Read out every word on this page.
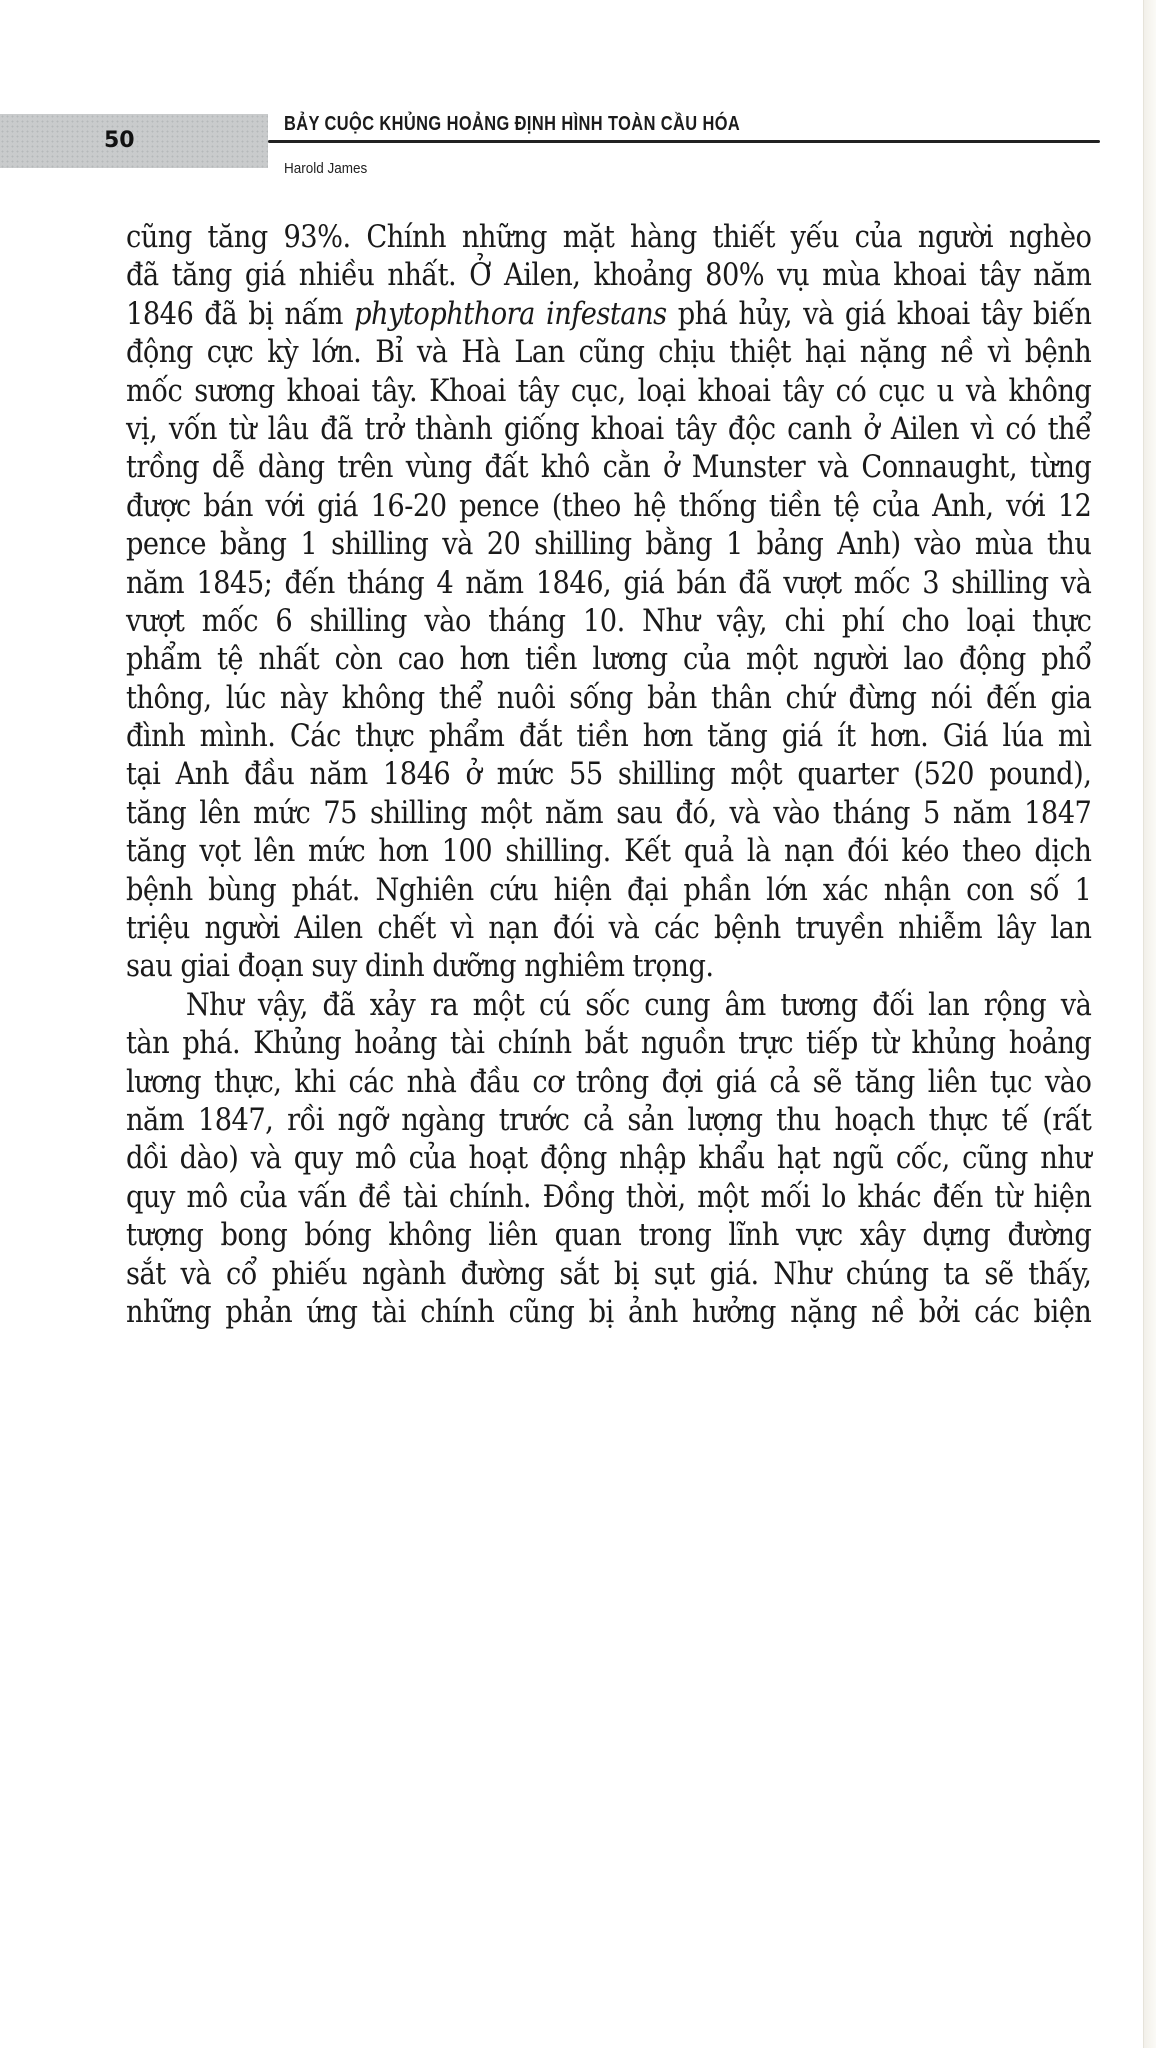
50
BẢY CUỘC KHỦNG HOẢNG ĐỊNH HÌNH TOÀN CẦU HÓA
Harold James
cũng tăng 93%. Chính những mặt hàng thiết yếu của người nghèo
đã tăng giá nhiều nhất. Ở Ailen, khoảng 80% vụ mùa khoai tây năm
1846 đã bị nấm phytophthora infestans phá hủy, và giá khoai tây biến
động cực kỳ lớn. Bỉ và Hà Lan cũng chịu thiệt hại nặng nề vì bệnh
mốc sương khoai tây. Khoai tây cục, loại khoai tây có cục u và không
vị, vốn từ lâu đã trở thành giống khoai tây độc canh ở Ailen vì có thể
trồng dễ dàng trên vùng đất khô cằn ở Munster và Connaught, từng
được bán với giá 16-20 pence (theo hệ thống tiền tệ của Anh, với 12
pence bằng 1 shilling và 20 shilling bằng 1 bảng Anh) vào mùa thu
năm 1845; đến tháng 4 năm 1846, giá bán đã vượt mốc 3 shilling và
vượt mốc 6 shilling vào tháng 10. Như vậy, chi phí cho loại thực
phẩm tệ nhất còn cao hơn tiền lương của một người lao động phổ
thông, lúc này không thể nuôi sống bản thân chứ đừng nói đến gia
đình mình. Các thực phẩm đắt tiền hơn tăng giá ít hơn. Giá lúa mì
tại Anh đầu năm 1846 ở mức 55 shilling một quarter (520 pound),
tăng lên mức 75 shilling một năm sau đó, và vào tháng 5 năm 1847
tăng vọt lên mức hơn 100 shilling. Kết quả là nạn đói kéo theo dịch
bệnh bùng phát. Nghiên cứu hiện đại phần lớn xác nhận con số 1
triệu người Ailen chết vì nạn đói và các bệnh truyền nhiễm lây lan
sau giai đoạn suy dinh dưỡng nghiêm trọng.
Như vậy, đã xảy ra một cú sốc cung âm tương đối lan rộng và
tàn phá. Khủng hoảng tài chính bắt nguồn trực tiếp từ khủng hoảng
lương thực, khi các nhà đầu cơ trông đợi giá cả sẽ tăng liên tục vào
năm 1847, rồi ngỡ ngàng trước cả sản lượng thu hoạch thực tế (rất
dồi dào) và quy mô của hoạt động nhập khẩu hạt ngũ cốc, cũng như
quy mô của vấn đề tài chính. Đồng thời, một mối lo khác đến từ hiện
tượng bong bóng không liên quan trong lĩnh vực xây dựng đường
sắt và cổ phiếu ngành đường sắt bị sụt giá. Như chúng ta sẽ thấy,
những phản ứng tài chính cũng bị ảnh hưởng nặng nề bởi các biện
